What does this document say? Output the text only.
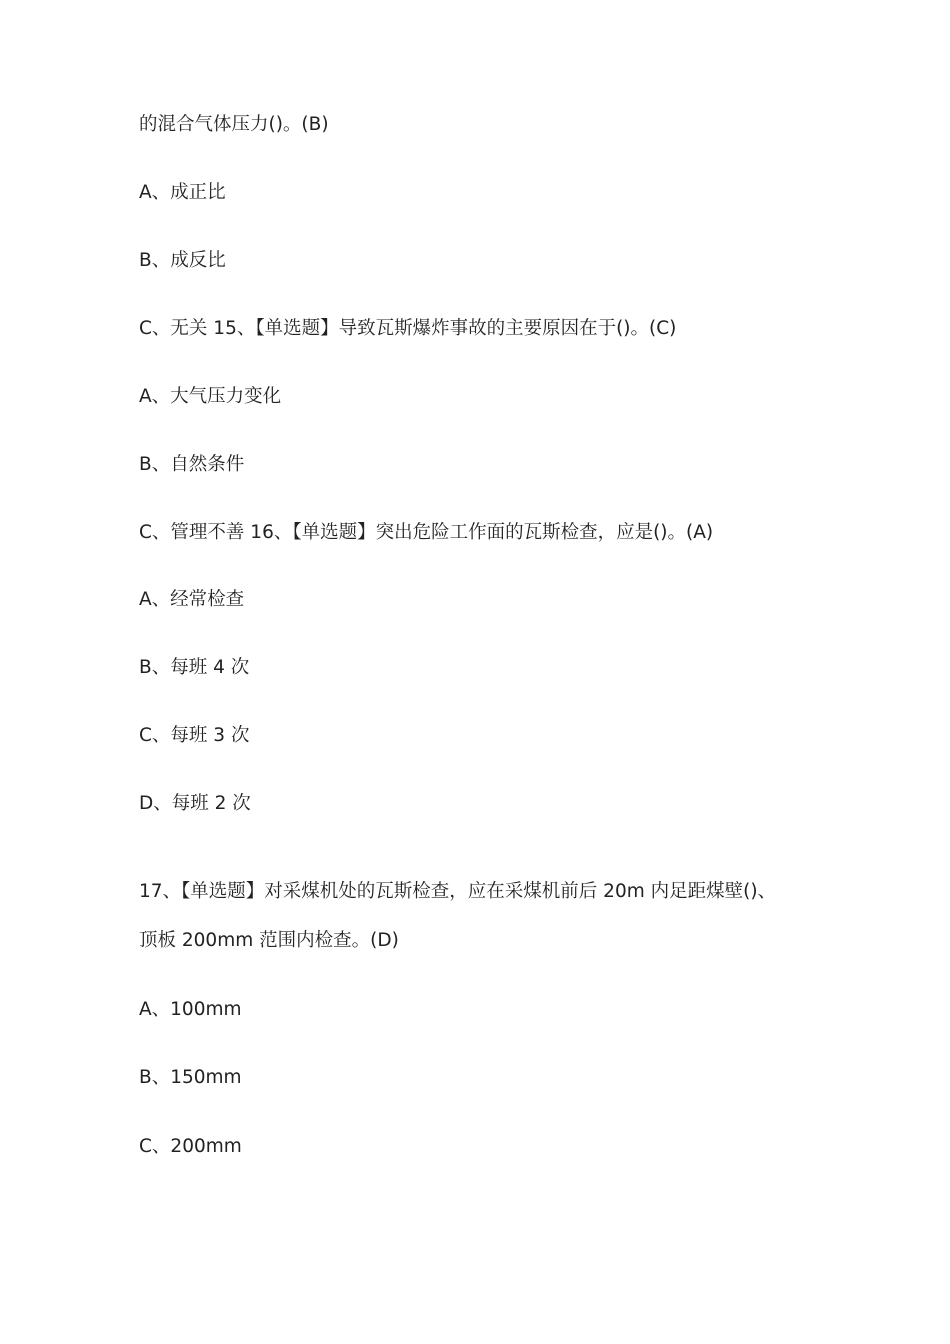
的混合气体压力()。(B)
A、成正比
B、成反比
C、无关 15、【单选题】导致瓦斯爆炸事故的主要原因在于()。(C)
A、大气压力变化
B、自然条件
C、管理不善 16、【单选题】突出危险工作面的瓦斯检查，应是()。(A)
A、经常检查
B、每班 4 次
C、每班 3 次
D、每班 2 次
17、【单选题】对采煤机处的瓦斯检查，应在采煤机前后 20m 内足距煤壁()、
顶板 200mm 范围内检查。(D)
A、100mm
B、150mm
C、200mm
